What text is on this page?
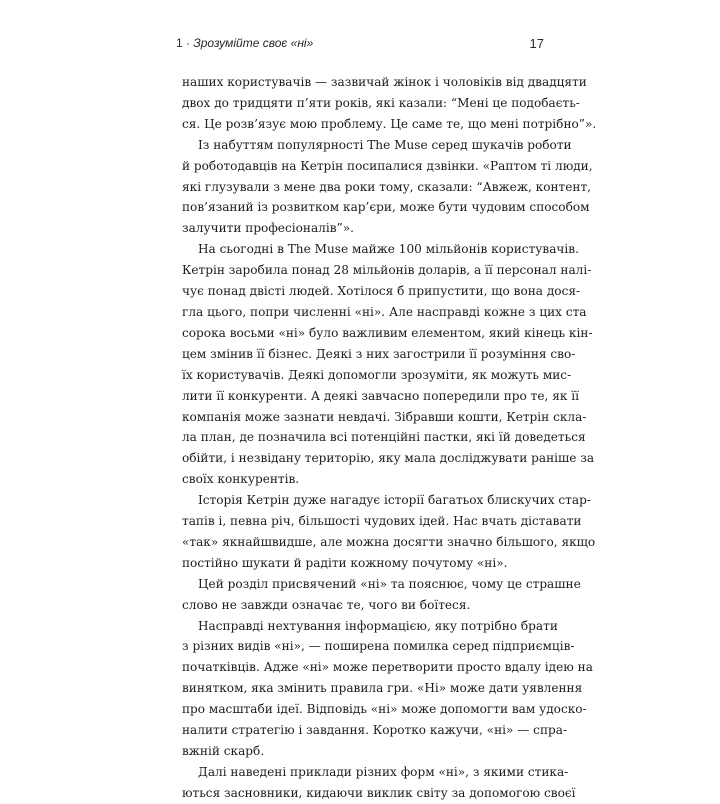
1 · Зрозумійте своє «ні»	17
наших користувачів — зазвичай жінок і чоловіків від двадцяти
двох до тридцяти п’яти років, які казали: “Мені це подобаєть-
ся. Це розв’язує мою проблему. Це саме те, що мені потрібно”».
Із набуттям популярності The Muse серед шукачів роботи
й роботодавців на Кетрін посипалися дзвінки. «Раптом ті люди,
які глузували з мене два роки тому, сказали: “Авжеж, контент,
пов’язаний із розвитком кар’єри, може бути чудовим способом
залучити професіоналів”».
На сьогодні в The Muse майже 100 мільйонів користувачів.
Кетрін заробила понад 28 мільйонів доларів, а її персонал налі-
чує понад двісті людей. Хотілося б припустити, що вона дося-
гла цього, попри численні «ні». Але насправді кожне з цих ста
сорока восьми «ні» було важливим елементом, який кінець кін-
цем змінив її бізнес. Деякі з них загострили її розуміння сво-
їх користувачів. Деякі допомогли зрозуміти, як можуть мис-
лити її конкуренти. А деякі завчасно попередили про те, як її
компанія може зазнати невдачі. Зібравши кошти, Кетрін скла-
ла план, де позначила всі потенційні пастки, які їй доведеться
обійти, і незвідану територію, яку мала досліджувати раніше за
своїх конкурентів.
Історія Кетрін дуже нагадує історії багатьох блискучих стар-
тапів і, певна річ, більшості чудових ідей. Нас вчать діставати
«так» якнайшвидше, але можна досягти значно більшого, якщо
постійно шукати й радіти кожному почутому «ні».
Цей розділ присвячений «ні» та пояснює, чому це страшне
слово не завжди означає те, чого ви боїтеся.
Насправді нехтування інформацією, яку потрібно брати
з різних видів «ні», — поширена помилка серед підприємців-
початківців. Адже «ні» може перетворити просто вдалу ідею на
винятком, яка змінить правила гри. «Ні» може дати уявлення
про масштаби ідеї. Відповідь «ні» може допомогти вам удоско-
налити стратегію і завдання. Коротко кажучи, «ні» — спра-
вжній скарб.
Далі наведені приклади різних форм «ні», з якими стика-
ються засновники, кидаючи виклик світу за допомогою своєї
